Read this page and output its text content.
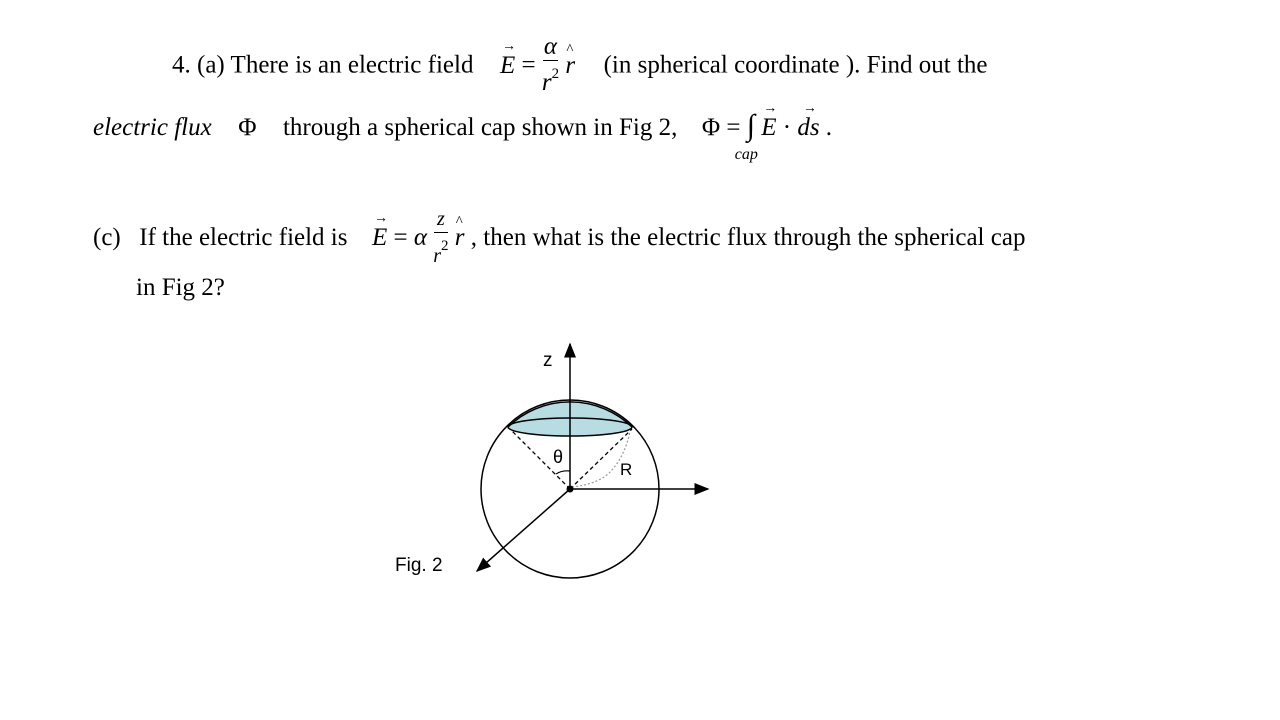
4. (a) There is an electric field → $E = \frac{\alpha}{r^2}$ ^ r (in spherical coordinate ). Find out the
electric flux Φ through a spherical cap shown in Fig 2, Φ = ∫
cap
→ E · → ds .
(c) If the electric field is → E = α $\frac{z}{r^2}$ ^ r , then what is the electric flux through the spherical cap
in Fig 2?
z
θ
R
Fig. 2
